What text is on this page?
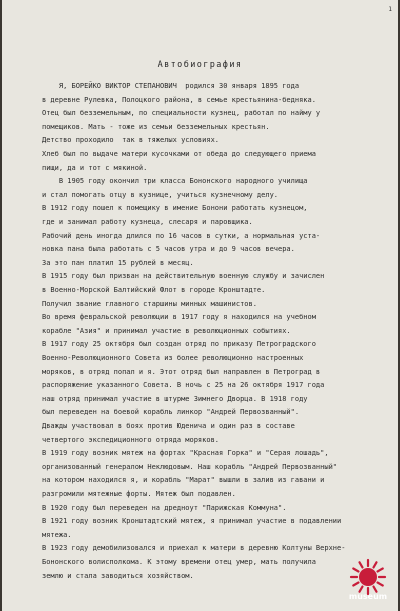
1
Автобиография
Я, БОРЕЙКО ВИКТОР СТЕПАНОВИЧ  родился 30 января 1895 года
в деревне Рулевка, Полоцкого района, в семье крестьянина-бедняка.
Отец был безземельным, по специальности кузнец, работал по найму у
помещиков. Мать - тоже из семьи безземельных крестьян.
Детство проходило  так в тяжелых условиях.
Хлеб был по выдаче матери кусочками от обеда до следующего приема
пищи, да и тот с мякиной.
В 1905 году окончил три класса Бононского народного училища
и стал помогать отцу в кузнице, учиться кузнечному делу.
В 1912 году пошел к помещику в имение Бонони работать кузнецом,
где и занимал работу кузнеца, слесаря и паровщика.
Рабочий день иногда длился по 16 часов в сутки, а нормальная уста-
новка пана была работать с 5 часов утра и до 9 часов вечера.
За это пан платил 15 рублей в месяц.
В 1915 году был призван на действительную военную службу и зачислен
в Военно-Морской Балтийский Флот в городе Кронштадте.
Получил звание главного старшины минных машинистов.
Во время февральской революции в 1917 году я находился на учебном
корабле "Азия" и принимал участие в революционных событиях.
В 1917 году 25 октября был создан отряд по приказу Петроградского
Военно-Революционного Совета из более революционно настроенных
моряков, в отряд попал и я. Этот отряд был направлен в Петроград в
распоряжение указанного Совета. В ночь с 25 на 26 октября 1917 года
наш отряд принимал участие в штурме Зимнего Дворца. В 1918 году
был переведен на боевой корабль линкор "Андрей Первозванный".
Дважды участвовал в боях против Юденича и один раз в составе
четвертого экспедиционного отряда моряков.
В 1919 году возник мятеж на фортах "Красная Горка" и "Серая лошадь",
организованный генералом Неклюдовым. Наш корабль "Андрей Первозванный"
на котором находился я, и корабль "Марат" вышли в залив из гавани и
разгромили мятежные форты. Мятеж был подавлен.
В 1920 году был переведен на дредноут "Парижская Коммуна".
В 1921 году возник Кронштадтский мятеж, я принимал участие в подавлении
мятежа.
В 1923 году демобилизовался и приехал к матери в деревню Колтуны Верхне-
Бононского волисполкома. К этому времени отец умер, мать получила
землю и стала заводиться хозяйством.
museum
